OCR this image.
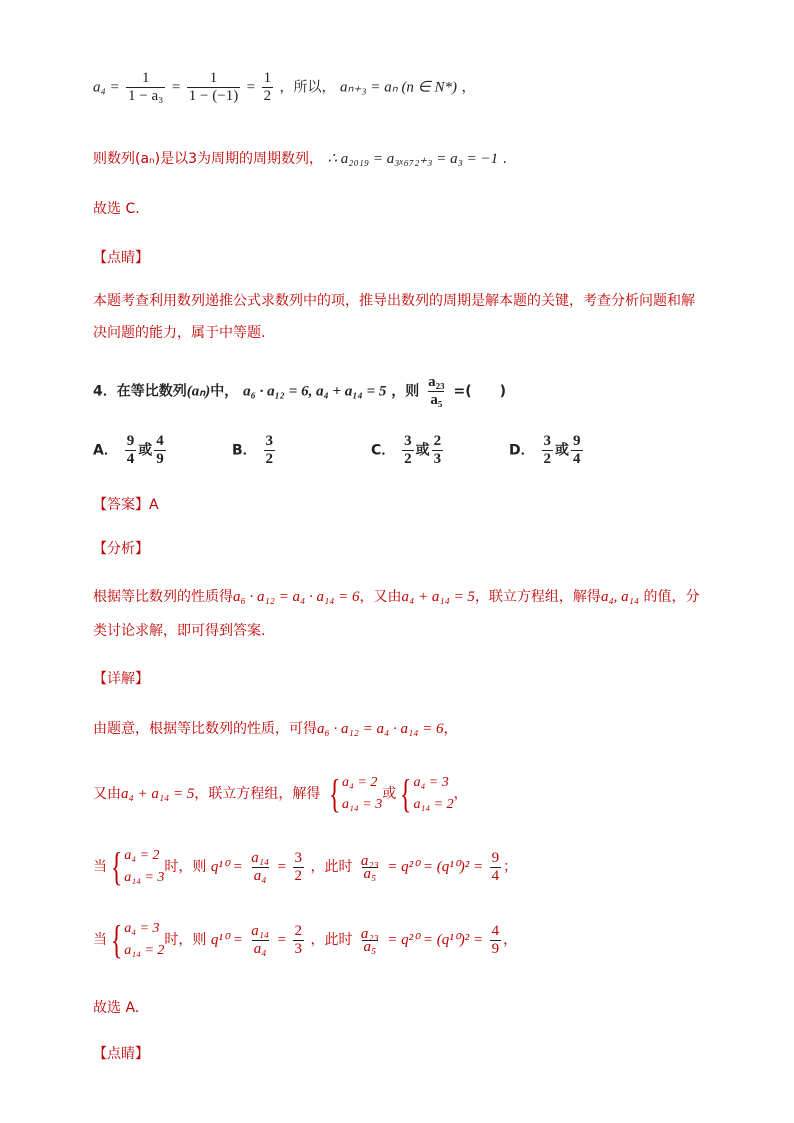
$a_4 = \frac{1}{\text{1 − a₃}} = \frac{1}{1 - (-1)} = \frac{1}{2}$ ，所以， aₙ₊₃ = aₙ (n ∈ N*) ，
则数列(aₙ)是以3为周期的周期数列， ∴ a₂₀₁₉ = a₃ₓ₆₇₂₊₃ = a₃ = −1 .
故选 C.
【点睛】
本题考查利用数列递推公式求数列中的项，推导出数列的周期是解本题的关键，考查分析问题和解
决问题的能力，属于中等题.
4．在等比数列(aₙ)中， a₆ · a₁₂ = 6, a₄ + a₁₄ = 5 ，则 $\frac{\text{a₂₃}}{\text{a₅}}$ =(　　)
A． $\frac{9}{4}$ 或 $\frac{4}{9}$	B． $\frac{3}{2}$	C． $\frac{3}{2}$ 或 $\frac{2}{3}$	D． $\frac{3}{2}$ 或 $\frac{9}{4}$
【答案】A
【分析】
根据等比数列的性质得a₆ · a₁₂ = a₄ · a₁₄ = 6，又由a₄ + a₁₄ = 5，联立方程组，解得a₄, a₁₄ 的值，分
类讨论求解，即可得到答案.
【详解】
由题意，根据等比数列的性质，可得a₆ · a₁₂ = a₄ · a₁₄ = 6，
又由a₄ + a₁₄ = 5，联立方程组，解得 { a₄ = 2
a₁₄ = 3
或 { a₄ = 3
a₁₄ = 2
，
当 { a₄ = 2
a₁₄ = 3
时，则 $q^{10} = \frac{\text{a₁₄}}{\text{a₄}} = \frac{3}{2}$ ，此时 $\frac{\text{a₂₃}}{\text{a₅}} = q^{20} = (q^{10})^2 = \frac{9}{4}$ ；
当 { a₄ = 3
a₁₄ = 2
时，则 $q^{10} = \frac{\text{a₁₄}}{\text{a₄}} = \frac{2}{3}$ ，此时 $\frac{\text{a₂₃}}{\text{a₅}} = q^{20} = (q^{10})^2 = \frac{4}{9}$ ，
故选 A.
【点睛】
